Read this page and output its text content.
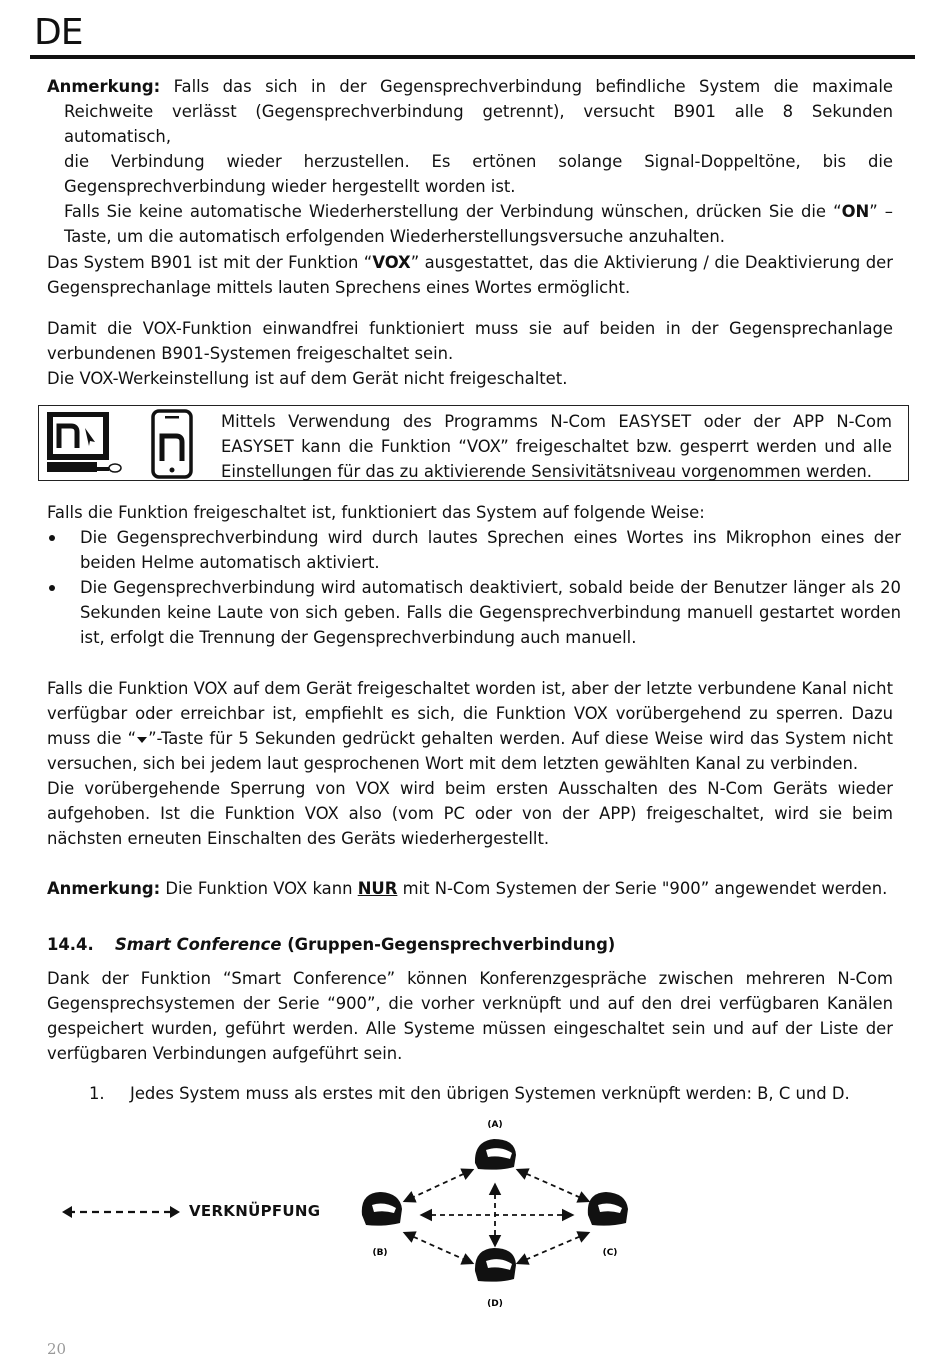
DE
Anmerkung: Falls das sich in der Gegensprechverbindung befindliche System die maximale
Reichweite verlässt (Gegensprechverbindung getrennt), versucht B901 alle 8 Sekunden automatisch,
die Verbindung wieder herzustellen. Es ertönen solange Signal-Doppeltöne, bis die
Gegensprechverbindung wieder hergestellt worden ist.
Falls Sie keine automatische Wiederherstellung der Verbindung wünschen, drücken Sie die “ON” –
Taste, um die automatisch erfolgenden Wiederherstellungsversuche anzuhalten.

Das System B901 ist mit der Funktion “VOX” ausgestattet, das die Aktivierung / die Deaktivierung der Gegensprechanlage mittels lauten Sprechens eines Wortes ermöglicht.

Damit die VOX-Funktion einwandfrei funktioniert muss sie auf beiden in der Gegensprechanlage
verbundenen B901-Systemen freigeschaltet sein.
Die VOX-Werkeinstellung ist auf dem Gerät nicht freigeschaltet.

Mittels Verwendung des Programms N-Com EASYSET oder der APP N-Com EASYSET kann die Funktion “VOX” freigeschaltet bzw. gesperrt werden und alle Einstellungen für das zu aktivierende Sensivitätsniveau vorgenommen werden.

Falls die Funktion freigeschaltet ist, funktioniert das System auf folgende Weise:

Die Gegensprechverbindung wird durch lautes Sprechen eines Wortes ins Mikrophon eines der beiden Helme automatisch aktiviert.
Die Gegensprechverbindung wird automatisch deaktiviert, sobald beide der Benutzer länger als 20 Sekunden keine Laute von sich geben. Falls die Gegensprechverbindung manuell gestartet worden ist, erfolgt die Trennung der Gegensprechverbindung auch manuell.
Falls die Funktion VOX auf dem Gerät freigeschaltet worden ist, aber der letzte verbundene Kanal nicht verfügbar oder erreichbar ist, empfiehlt es sich, die Funktion VOX vorübergehend zu sperren. Dazu muss die “ ”-Taste für 5 Sekunden gedrückt gehalten werden. Auf diese Weise wird das System nicht versuchen, sich bei jedem laut gesprochenen Wort mit dem letzten gewählten Kanal zu verbinden.
Die vorübergehende Sperrung von VOX wird beim ersten Ausschalten des N-Com Geräts wieder aufgehoben. Ist die Funktion VOX also (vom PC oder von der APP) freigeschaltet, wird sie beim nächsten erneuten Einschalten des Geräts wiederhergestellt.

Anmerkung: Die Funktion VOX kann NUR mit N-Com Systemen der Serie "900” angewendet werden.

14.4. Smart Conference (Gruppen-Gegensprechverbindung)

Dank der Funktion “Smart Conference” können Konferenzgespräche zwischen mehreren N-Com Gegensprechsystemen der Serie “900”, die vorher verknüpft und auf den drei verfügbaren Kanälen gespeichert wurden, geführt werden. Alle Systeme müssen eingeschaltet sein und auf der Liste der verfügbaren Verbindungen aufgeführt sein.

1. Jedes System muss als erstes mit den übrigen Systemen verknüpft werden: B, C und D.
VERKNÜPFUNG
(A)
(B)	(C)
(D)
20
